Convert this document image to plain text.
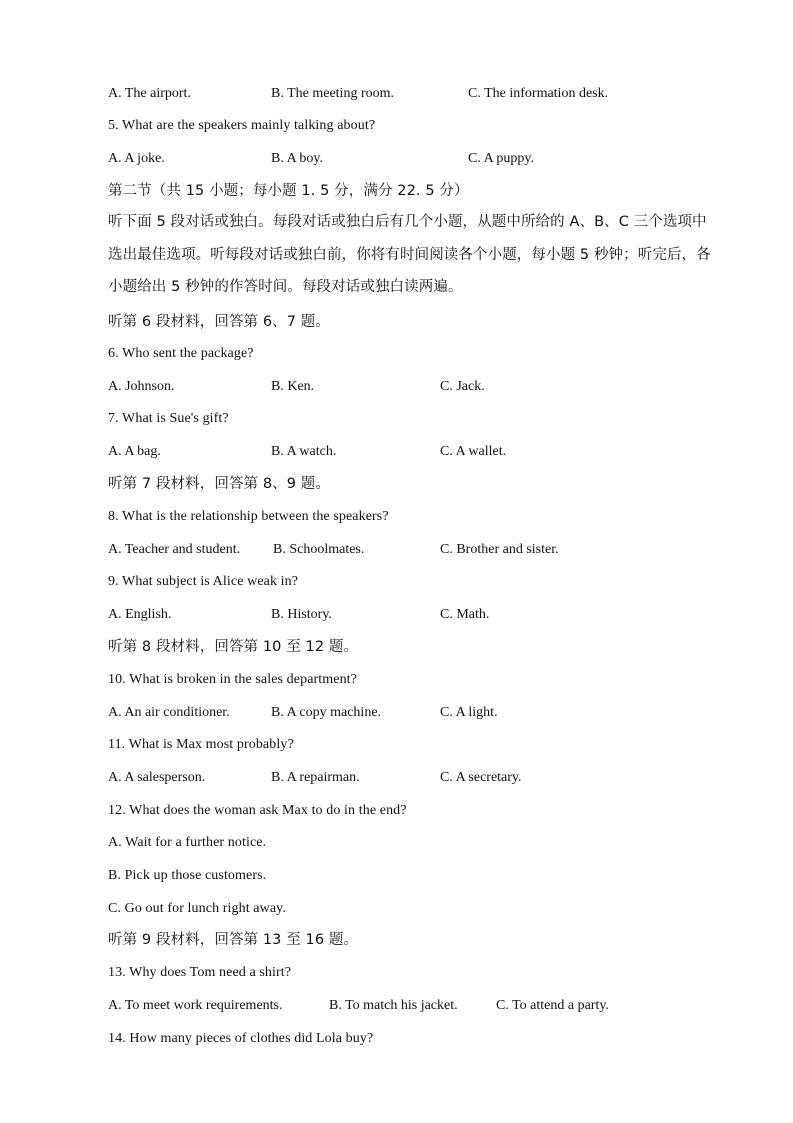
A. The airport.	B. The meeting room.	C. The information desk.
5. What are the speakers mainly talking about?
A. A joke.	B. A boy.	C. A puppy.
第二节（共 15 小题；每小题 1. 5 分，满分 22. 5 分）
听下面 5 段对话或独白。每段对话或独白后有几个小题，从题中所给的 A、B、C 三个选项中选出最佳选项。听每段对话或独白前，你将有时间阅读各个小题，每小题 5 秒钟；听完后，各小题给出 5 秒钟的作答时间。每段对话或独白读两遍。
听第 6 段材料，回答第 6、7 题。
6. Who sent the package?
A. Johnson.	B. Ken.	C. Jack.
7. What is Sue's gift?
A. A bag.	B. A watch.	C. A wallet.
听第 7 段材料，回答第 8、9 题。
8. What is the relationship between the speakers?
A. Teacher and student. B. Schoolmates.	C. Brother and sister.
9. What subject is Alice weak in?
A. English.	B. History.	C. Math.
听第 8 段材料，回答第 10 至 12 题。
10. What is broken in the sales department?
A. An air conditioner.	B. A copy machine.	C. A light.
11. What is Max most probably?
A. A salesperson.	B. A repairman.	C. A secretary.
12. What does the woman ask Max to do in the end?
A. Wait for a further notice.
B. Pick up those customers.
C. Go out for lunch right away.
听第 9 段材料，回答第 13 至 16 题。
13. Why does Tom need a shirt?
A. To meet work requirements.	B. To match his jacket.	C. To attend a party.
14. How many pieces of clothes did Lola buy?
